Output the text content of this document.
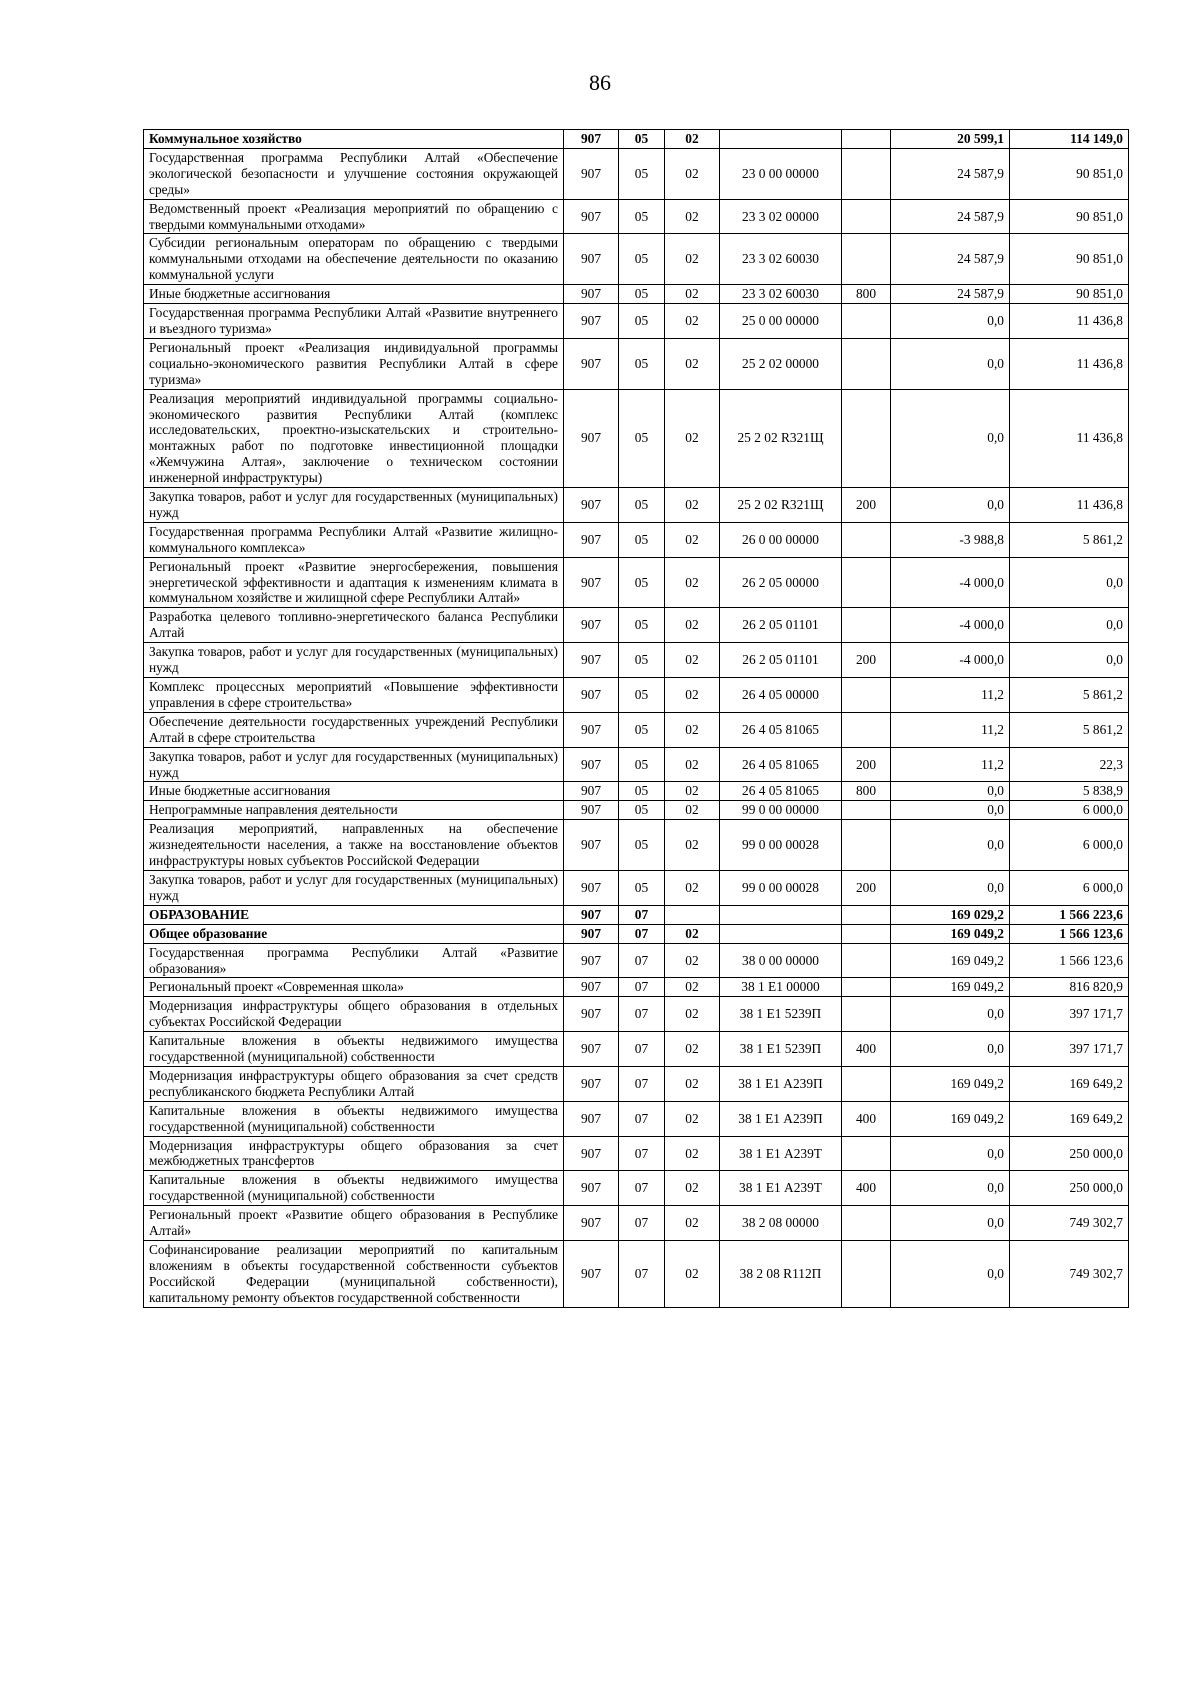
86
Коммунальное хозяйство	907	05	02			20 599,1	114 149,0
Государственная программа Республики Алтай «Обеспечение экологической безопасности и улучшение состояния окружающей среды»	907	05	02	23 0 00 00000		24 587,9	90 851,0
Ведомственный проект «Реализация мероприятий по обращению с твердыми коммунальными отходами»	907	05	02	23 3 02 00000		24 587,9	90 851,0
Субсидии региональным операторам по обращению с твердыми коммунальными отходами на обеспечение деятельности по оказанию коммунальной услуги	907	05	02	23 3 02 60030		24 587,9	90 851,0
Иные бюджетные ассигнования	907	05	02	23 3 02 60030	800	24 587,9	90 851,0
Государственная программа Республики Алтай «Развитие внутреннего и въездного туризма»	907	05	02	25 0 00 00000		0,0	11 436,8
Региональный проект «Реализация индивидуальной программы социально-экономического развития Республики Алтай в сфере туризма»	907	05	02	25 2 02 00000		0,0	11 436,8
Реализация мероприятий индивидуальной программы социально-экономического развития Республики Алтай (комплекс исследовательских, проектно-изыскательских и строительно-монтажных работ по подготовке инвестиционной площадки «Жемчужина Алтая», заключение о техническом состоянии инженерной инфраструктуры)	907	05	02	25 2 02 R321Щ		0,0	11 436,8
Закупка товаров, работ и услуг для государственных (муниципальных) нужд	907	05	02	25 2 02 R321Щ	200	0,0	11 436,8
Государственная программа Республики Алтай «Развитие жилищно-коммунального комплекса»	907	05	02	26 0 00 00000		-3 988,8	5 861,2
Региональный проект «Развитие энергосбережения, повышения энергетической эффективности и адаптация к изменениям климата в коммунальном хозяйстве и жилищной сфере Республики Алтай»	907	05	02	26 2 05 00000		-4 000,0	0,0
Разработка целевого топливно-энергетического баланса Республики Алтай	907	05	02	26 2 05 01101		-4 000,0	0,0
Закупка товаров, работ и услуг для государственных (муниципальных) нужд	907	05	02	26 2 05 01101	200	-4 000,0	0,0
Комплекс процессных мероприятий «Повышение эффективности управления в сфере строительства»	907	05	02	26 4 05 00000		11,2	5 861,2
Обеспечение деятельности государственных учреждений Республики Алтай в сфере строительства	907	05	02	26 4 05 81065		11,2	5 861,2
Закупка товаров, работ и услуг для государственных (муниципальных) нужд	907	05	02	26 4 05 81065	200	11,2	22,3
Иные бюджетные ассигнования	907	05	02	26 4 05 81065	800	0,0	5 838,9
Непрограммные направления деятельности	907	05	02	99 0 00 00000		0,0	6 000,0
Реализация мероприятий, направленных на обеспечение жизнедеятельности населения, а также на восстановление объектов инфраструктуры новых субъектов Российской Федерации	907	05	02	99 0 00 00028		0,0	6 000,0
Закупка товаров, работ и услуг для государственных (муниципальных) нужд	907	05	02	99 0 00 00028	200	0,0	6 000,0
ОБРАЗОВАНИЕ	907	07				169 029,2	1 566 223,6
Общее образование	907	07	02			169 049,2	1 566 123,6
Государственная программа Республики Алтай «Развитие образования»	907	07	02	38 0 00 00000		169 049,2	1 566 123,6
Региональный проект «Современная школа»	907	07	02	38 1 E1 00000		169 049,2	816 820,9
Модернизация инфраструктуры общего образования в отдельных субъектах Российской Федерации	907	07	02	38 1 E1 5239П		0,0	397 171,7
Капитальные вложения в объекты недвижимого имущества государственной (муниципальной) собственности	907	07	02	38 1 E1 5239П	400	0,0	397 171,7
Модернизация инфраструктуры общего образования за счет средств республиканского бюджета Республики Алтай	907	07	02	38 1 E1 А239П		169 049,2	169 649,2
Капитальные вложения в объекты недвижимого имущества государственной (муниципальной) собственности	907	07	02	38 1 E1 А239П	400	169 049,2	169 649,2
Модернизация инфраструктуры общего образования за счет межбюджетных трансфертов	907	07	02	38 1 E1 А239Т		0,0	250 000,0
Капитальные вложения в объекты недвижимого имущества государственной (муниципальной) собственности	907	07	02	38 1 E1 А239Т	400	0,0	250 000,0
Региональный проект «Развитие общего образования в Республике Алтай»	907	07	02	38 2 08 00000		0,0	749 302,7
Софинансирование реализации мероприятий по капитальным вложениям в объекты государственной собственности субъектов Российской Федерации (муниципальной собственности), капитальному ремонту объектов государственной собственности	907	07	02	38 2 08 R112П		0,0	749 302,7
